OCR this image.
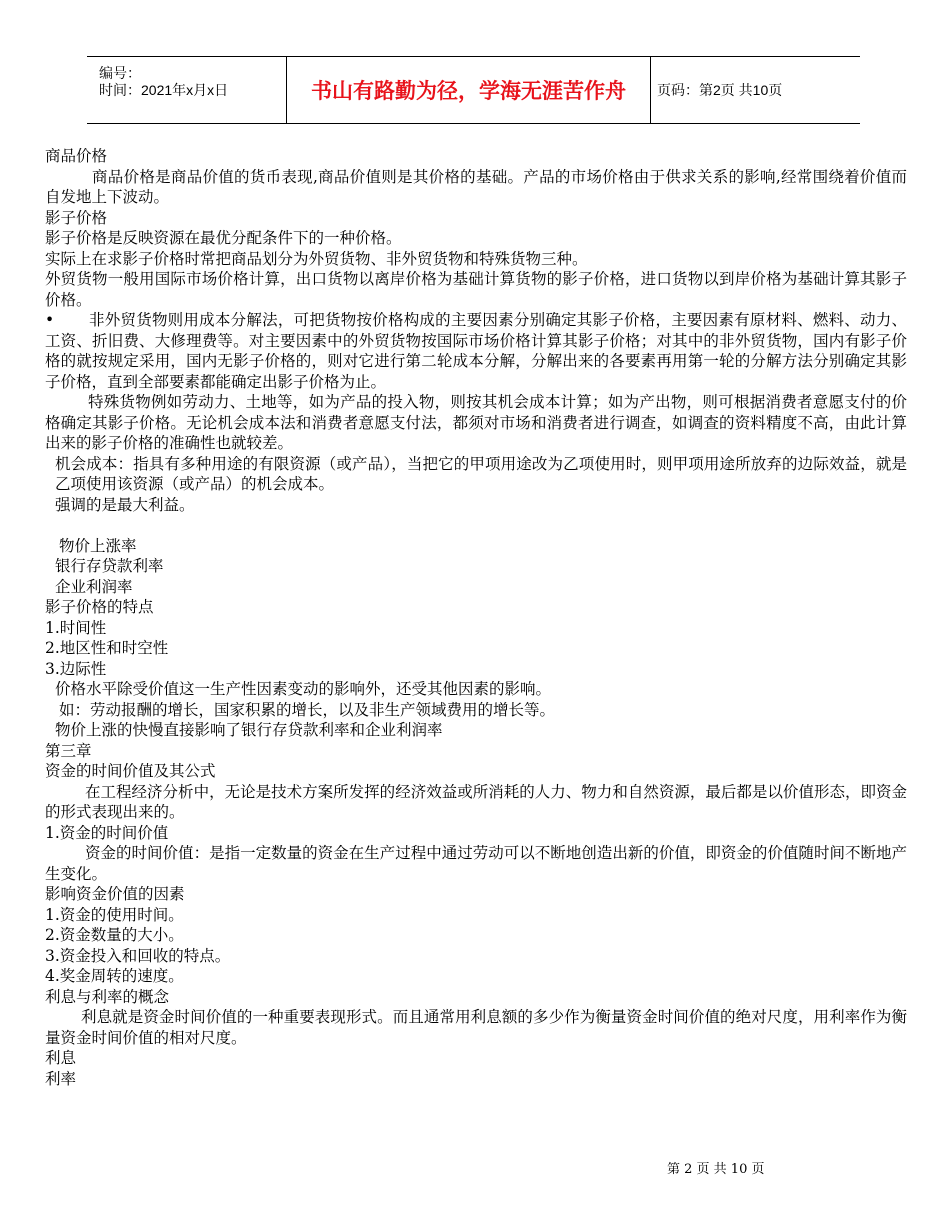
编号：
时间：2021年x月x日	书山有路勤为径，学海无涯苦作舟	页码：第2页 共10页

商品价格

商品价格是商品价值的货币表现,商品价值则是其价格的基础。产品的市场价格由于供求关系的影响,经常围绕着价值而自发地上下波动。

影子价格

影子价格是反映资源在最优分配条件下的一种价格。

实际上在求影子价格时常把商品划分为外贸货物、非外贸货物和特殊货物三种。

外贸货物一般用国际市场价格计算，出口货物以离岸价格为基础计算货物的影子价格，进口货物以到岸价格为基础计算其影子价格。

•	非外贸货物则用成本分解法，可把货物按价格构成的主要因素分别确定其影子价格，主要因素有原材料、燃料、动力、工资、折旧费、大修理费等。对主要因素中的外贸货物按国际市场价格计算其影子价格；对其中的非外贸货物，国内有影子价格的就按规定采用，国内无影子价格的，则对它进行第二轮成本分解，分解出来的各要素再用第一轮的分解方法分别确定其影子价格，直到全部要素都能确定出影子价格为止。

特殊货物例如劳动力、土地等，如为产品的投入物，则按其机会成本计算；如为产出物，则可根据消费者意愿支付的价格确定其影子价格。无论机会成本法和消费者意愿支付法，都须对市场和消费者进行调查，如调查的资料精度不高，由此计算出来的影子价格的准确性也就较差。

机会成本：指具有多种用途的有限资源（或产品），当把它的甲项用途改为乙项使用时，则甲项用途所放弃的边际效益，就是乙项使用该资源（或产品）的机会成本。

强调的是最大利益。

物价上涨率

银行存贷款利率

企业利润率

影子价格的特点

1.时间性

2.地区性和时空性

3.边际性

价格水平除受价值这一生产性因素变动的影响外，还受其他因素的影响。

如：劳动报酬的增长，国家积累的增长，以及非生产领域费用的增长等。

物价上涨的快慢直接影响了银行存贷款利率和企业利润率

第三章

资金的时间价值及其公式

在工程经济分析中，无论是技术方案所发挥的经济效益或所消耗的人力、物力和自然资源，最后都是以价值形态，即资金的形式表现出来的。

1.资金的时间价值

资金的时间价值：是指一定数量的资金在生产过程中通过劳动可以不断地创造出新的价值，即资金的价值随时间不断地产生变化。

影响资金价值的因素

1.资金的使用时间。

2.资金数量的大小。

3.资金投入和回收的特点。

4.奖金周转的速度。

利息与利率的概念

利息就是资金时间价值的一种重要表现形式。而且通常用利息额的多少作为衡量资金时间价值的绝对尺度，用利率作为衡量资金时间价值的相对尺度。

利息

利率

第 2 页 共 10 页
